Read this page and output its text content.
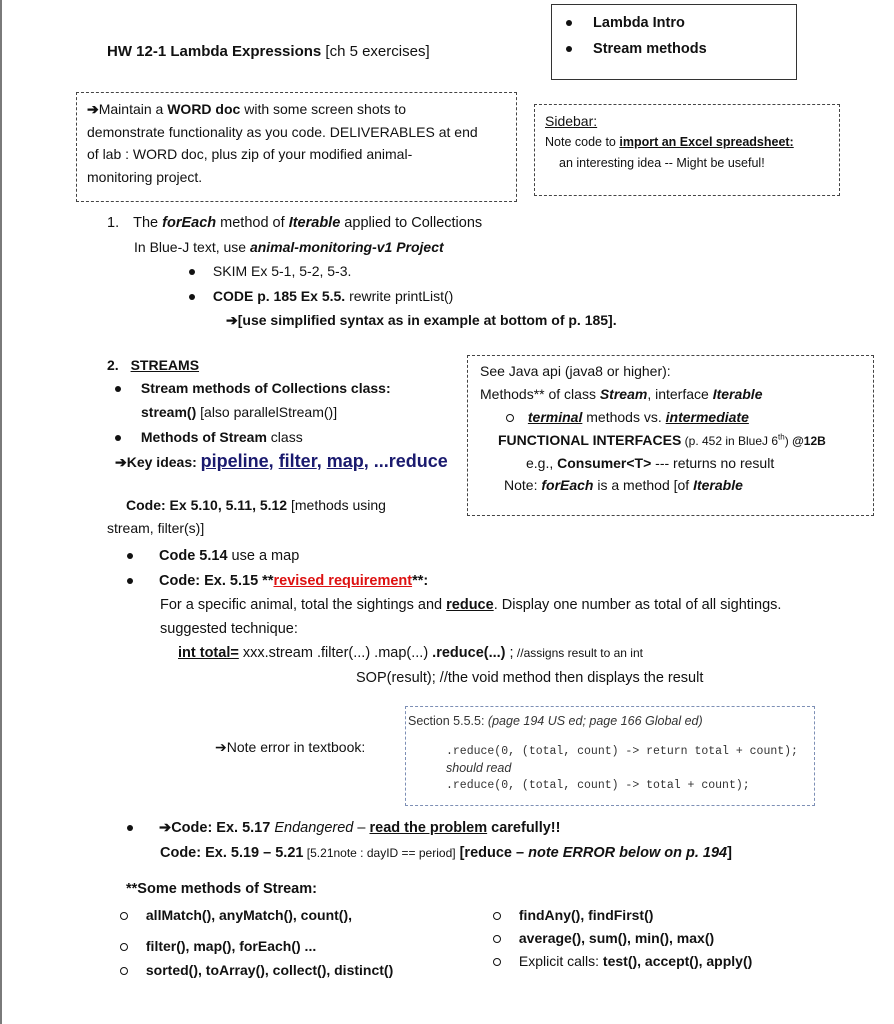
HW 12-1 Lambda Expressions [ch 5 exercises]
Lambda Intro
Stream methods
➔Maintain a WORD doc with some screen shots to
demonstrate functionality as you code. DELIVERABLES at end
of lab : WORD doc, plus zip of your modified animal-
monitoring project.
Sidebar:
Note code to import an Excel spreadsheet:
an interesting idea -- Might be useful!
1. The forEach method of Iterable applied to Collections
In Blue-J text, use animal-monitoring-v1 Project
SKIM Ex 5-1, 5-2, 5-3.
CODE p. 185 Ex 5.5. rewrite printList()
➔[use simplified syntax as in example at bottom of p. 185].
2. STREAMS
Stream methods of Collections class:
stream() [also parallelStream()]
Methods of Stream class
➔Key ideas: pipeline, filter, map, ...reduce
Code: Ex 5.10, 5.11, 5.12 [methods using
stream, filter(s)]
See Java api (java8 or higher):
Methods** of class Stream, interface Iterable
terminal methods vs. intermediate
FUNCTIONAL INTERFACES (p. 452 in BlueJ 6th) @12B
e.g., Consumer<T> --- returns no result
Note: forEach is a method [of Iterable
Code 5.14 use a map
Code: Ex. 5.15 **revised requirement**:
For a specific animal, total the sightings and reduce. Display one number as total of all sightings.
suggested technique:
int total= xxx.stream .filter(...) .map(...) .reduce(...) ; //assigns result to an int
SOP(result); //the void method then displays the result
➔Note error in textbook:
Section 5.5.5: (page 194 US ed; page 166 Global ed)
.reduce(0, (total, count) -> return total + count);
should read
.reduce(0, (total, count) -> total + count);
➔Code: Ex. 5.17 Endangered – read the problem carefully!!
Code: Ex. 5.19 – 5.21 [5.21note : dayID == period] [reduce – note ERROR below on p. 194]
**Some methods of Stream:
allMatch(), anyMatch(), count(),
filter(), map(), forEach() ...
sorted(), toArray(), collect(), distinct()
findAny(), findFirst()
average(), sum(), min(), max()
Explicit calls: test(), accept(), apply()
